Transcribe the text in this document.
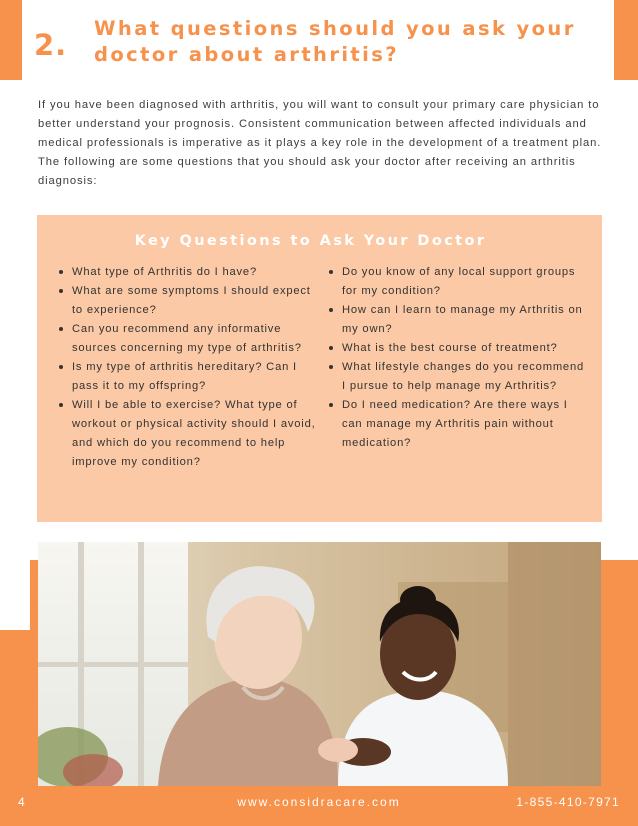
2. What questions should you ask your
doctor about arthritis?

If you have been diagnosed with arthritis, you will want to consult your primary care physician to better understand your prognosis. Consistent communication between affected individuals and medical professionals is imperative as it plays a key role in the development of a treatment plan. The following are some questions that you should ask your doctor after receiving an arthritis diagnosis:

Key Questions to Ask Your Doctor
What type of Arthritis do I have?
What are some symptoms I should expect to experience?
Can you recommend any informative sources concerning my type of arthritis?
Is my type of arthritis hereditary? Can I pass it to my offspring?
Will I be able to exercise? What type of workout or physical activity should I avoid, and which do you recommend to help improve my condition?
Do you know of any local support groups for my condition?
How can I learn to manage my Arthritis on my own?
What is the best course of treatment?
What lifestyle changes do you recommend I pursue to help manage my Arthritis?
Do I need medication? Are there ways I can manage my Arthritis pain without medication?
4	www.considracare.com	1-855-410-7971
